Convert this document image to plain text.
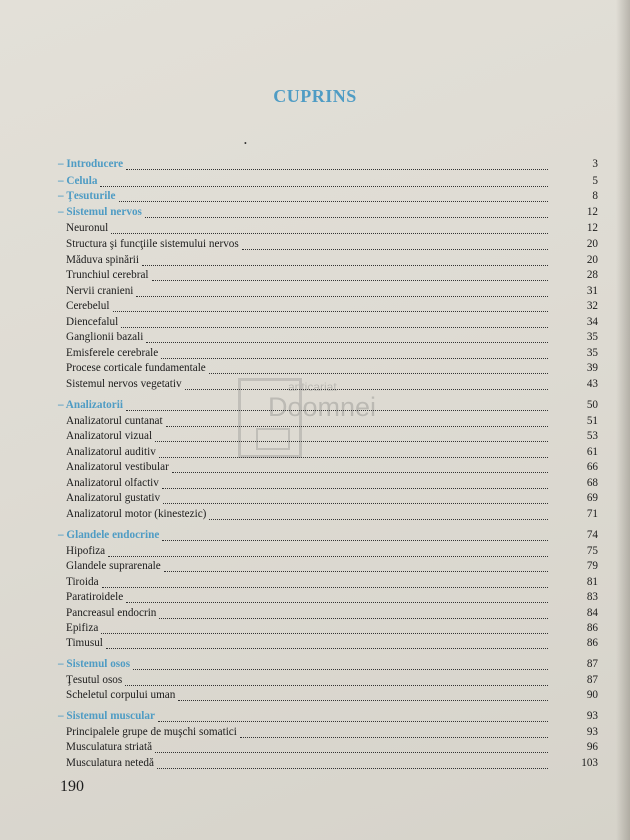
CUPRINS
•
anticariat
Doomnei
– Introducere	3
– Celula	5
– Ţesuturile	8
– Sistemul nervos	12
Neuronul	12
Structura şi funcţiile sistemului nervos	20
Măduva spinării	20
Trunchiul cerebral	28
Nervii cranieni	31
Cerebelul	32
Diencefalul	34
Ganglionii bazali	35
Emisferele cerebrale	35
Procese corticale fundamentale	39
Sistemul nervos vegetativ	43
– Analizatorii	50
Analizatorul cuntanat	51
Analizatorul vizual	53
Analizatorul auditiv	61
Analizatorul vestibular	66
Analizatorul olfactiv	68
Analizatorul gustativ	69
Analizatorul motor (kinestezic)	71
– Glandele endocrine	74
Hipofiza	75
Glandele suprarenale	79
Tiroida	81
Paratiroidele	83
Pancreasul endocrin	84
Epifiza	86
Timusul	86
– Sistemul osos	87
Ţesutul osos	87
Scheletul corpului uman	90
– Sistemul muscular	93
Principalele grupe de muşchi somatici	93
Musculatura striată	96
Musculatura netedă	103
190
